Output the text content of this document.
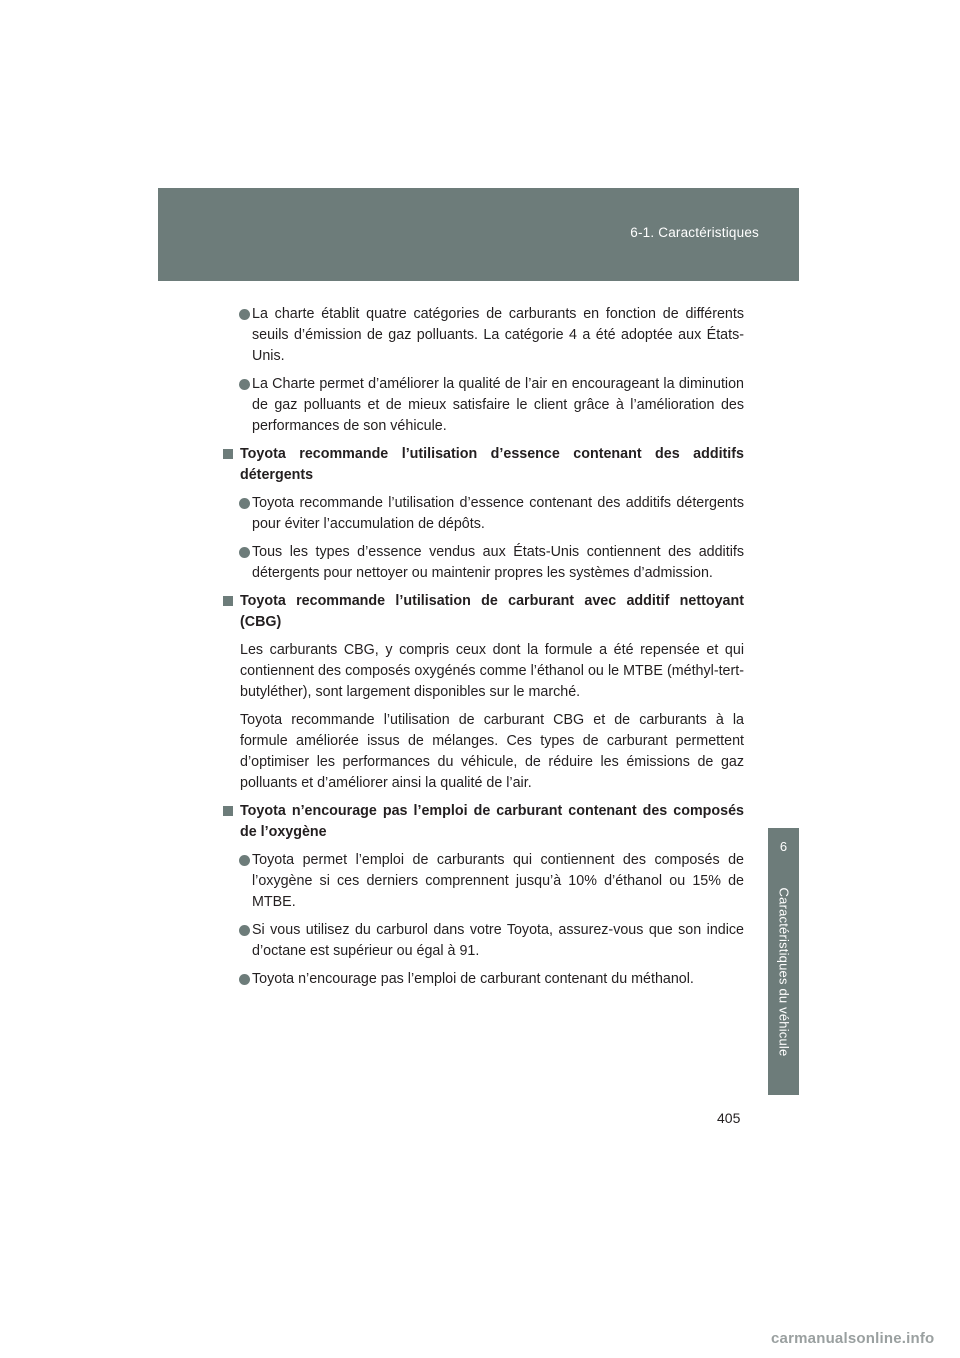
6-1. Caractéristiques
6
Caractéristiques du véhicule
La charte établit quatre catégories de carburants en fonction de différents seuils d’émission de gaz polluants. La catégorie 4 a été adoptée aux États-Unis.
La Charte permet d’améliorer la qualité de l’air en encourageant la diminution de gaz polluants et de mieux satisfaire le client grâce à l’amélioration des performances de son véhicule.
Toyota recommande l’utilisation d’essence contenant des additifs détergents
Toyota recommande l’utilisation d’essence contenant des additifs détergents pour éviter l’accumulation de dépôts.
Tous les types d’essence vendus aux États-Unis contiennent des additifs détergents pour nettoyer ou maintenir propres les systèmes d’admission.
Toyota recommande l’utilisation de carburant avec additif nettoyant (CBG)
Les carburants CBG, y compris ceux dont la formule a été repensée et qui contiennent des composés oxygénés comme l’éthanol ou le MTBE (méthyl-tert-butyléther), sont largement disponibles sur le marché.
Toyota recommande l’utilisation de carburant CBG et de carburants à la formule améliorée issus de mélanges. Ces types de carburant permettent d’optimiser les performances du véhicule, de réduire les émissions de gaz polluants et d’améliorer ainsi la qualité de l’air.
Toyota n’encourage pas l’emploi de carburant contenant des composés de l’oxygène
Toyota permet l’emploi de carburants qui contiennent des composés de l’oxygène si ces derniers comprennent jusqu’à 10% d’éthanol ou 15% de MTBE.
Si vous utilisez du carburol dans votre Toyota, assurez-vous que son indice d’octane est supérieur ou égal à 91.
Toyota n’encourage pas l’emploi de carburant contenant du méthanol.
405
carmanualsonline.info
